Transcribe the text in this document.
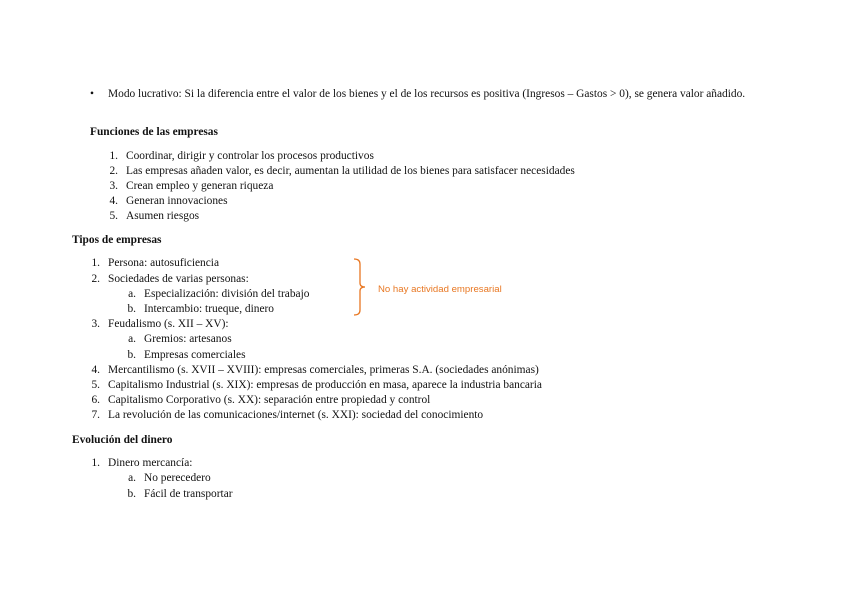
• Modo lucrativo: Si la diferencia entre el valor de los bienes y el de los recursos es positiva (Ingresos – Gastos > 0), se genera valor añadido.
Funciones de las empresas
1. Coordinar, dirigir y controlar los procesos productivos
2. Las empresas añaden valor, es decir, aumentan la utilidad de los bienes para satisfacer necesidades
3. Crean empleo y generan riqueza
4. Generan innovaciones
5. Asumen riesgos
Tipos de empresas
1. Persona: autosuficiencia
2. Sociedades de varias personas:
a. Especialización: división del trabajo
b. Intercambio: trueque, dinero
3. Feudalismo (s. XII – XV):
a. Gremios: artesanos
b. Empresas comerciales
4. Mercantilismo (s. XVII – XVIII): empresas comerciales, primeras S.A. (sociedades anónimas)
5. Capitalismo Industrial (s. XIX): empresas de producción en masa, aparece la industria bancaria
6. Capitalismo Corporativo (s. XX): separación entre propiedad y control
7. La revolución de las comunicaciones/internet (s. XXI): sociedad del conocimiento
No hay actividad empresarial
Evolución del dinero
1. Dinero mercancía:
a. No perecedero
b. Fácil de transportar
